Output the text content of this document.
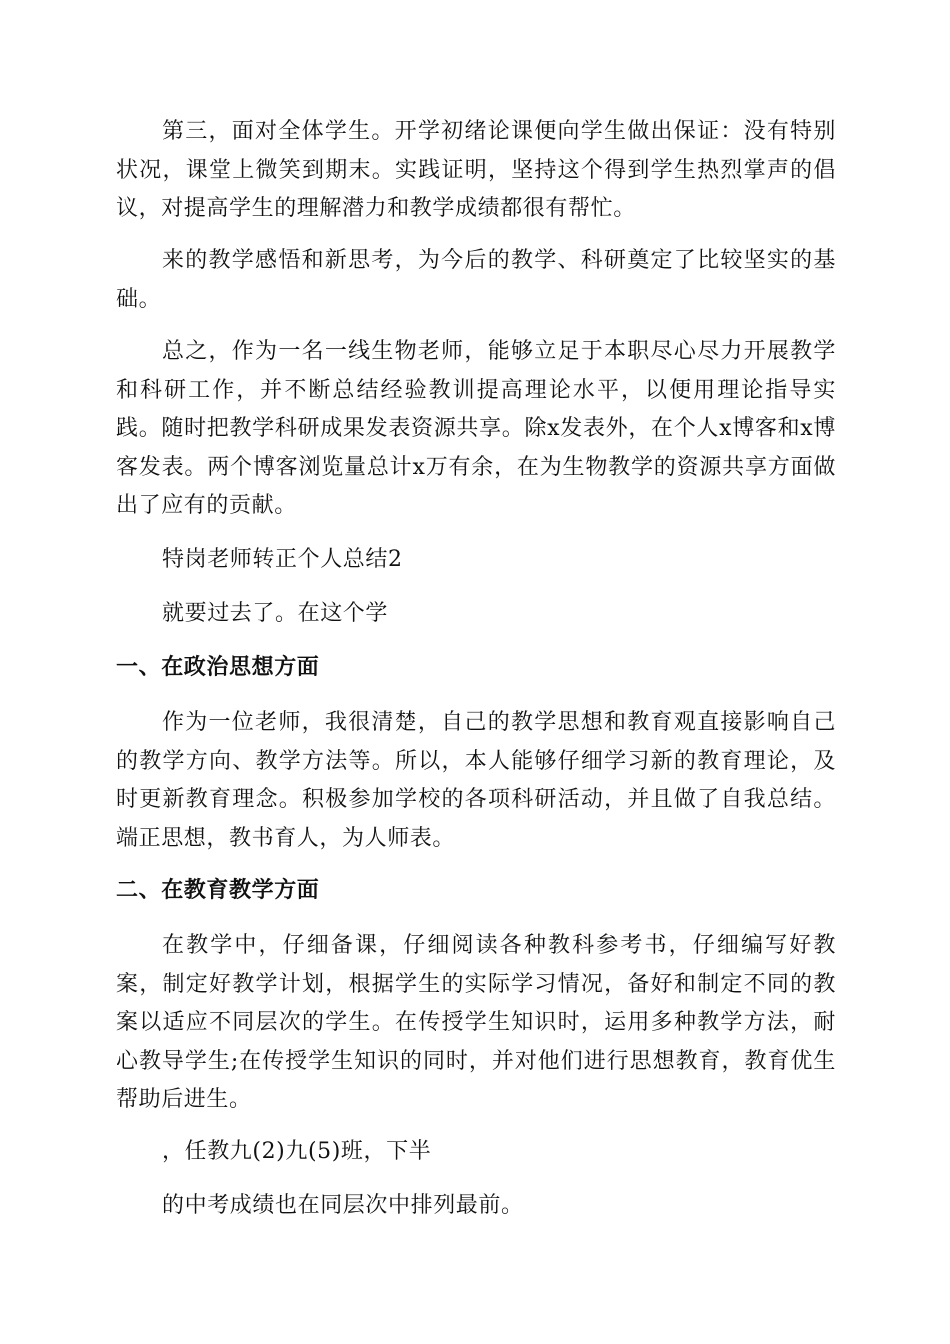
第三，面对全体学生。开学初绪论课便向学生做出保证：没有特别状况，课堂上微笑到期末。实践证明，坚持这个得到学生热烈掌声的倡议，对提高学生的理解潜力和教学成绩都很有帮忙。

来的教学感悟和新思考，为今后的教学、科研奠定了比较坚实的基础。

总之，作为一名一线生物老师，能够立足于本职尽心尽力开展教学和科研工作，并不断总结经验教训提高理论水平，以便用理论指导实践。随时把教学科研成果发表资源共享。除x发表外，在个人x博客和x博客发表。两个博客浏览量总计x万有余，在为生物教学的资源共享方面做出了应有的贡献。

特岗老师转正个人总结2

就要过去了。在这个学

一、在政治思想方面

作为一位老师，我很清楚，自己的教学思想和教育观直接影响自己的教学方向、教学方法等。所以，本人能够仔细学习新的教育理论，及时更新教育理念。积极参加学校的各项科研活动，并且做了自我总结。端正思想，教书育人，为人师表。

二、在教育教学方面

在教学中，仔细备课，仔细阅读各种教科参考书，仔细编写好教案，制定好教学计划，根据学生的实际学习情况，备好和制定不同的教案以适应不同层次的学生。在传授学生知识时，运用多种教学方法，耐心教导学生;在传授学生知识的同时，并对他们进行思想教育，教育优生帮助后进生。

，任教九(2)九(5)班，下半

的中考成绩也在同层次中排列最前。
